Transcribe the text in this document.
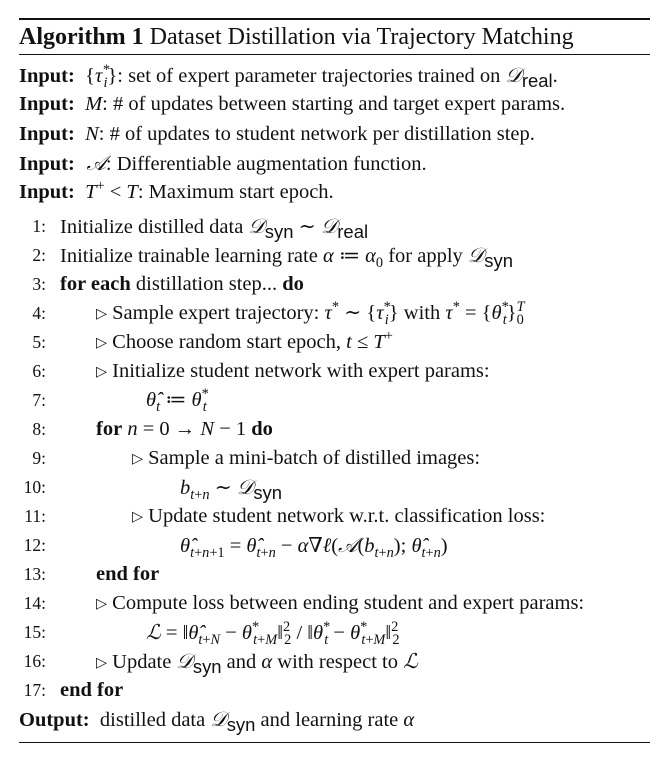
Algorithm 1 Dataset Distillation via Trajectory Matching
Input:  $\{\tau^*_i\}$: set of expert parameter trajectories trained on 𝒟$_{real}$.
Input: M: # of updates between starting and target expert params.
Input: N: # of updates to student network per distillation step.
Input:  𝒜: Differentiable augmentation function.
Input: T+ < T: Maximum start epoch.
1: Initialize distilled data 𝒟$_{syn}$ ∼ 𝒟$_{real}$
2: Initialize trainable learning rate α ≔ $\alpha_0$ for apply 𝒟$_{syn}$
3: for each distillation step... do
4:	▷ Sample expert trajectory: τ* ∼ $\{\tau^*_i\}$ with $\tau^* = \{\theta^*_t\}^T_0$
5:	▷ Choose random start epoch, t ≤ T+
6:	▷ Initialize student network with expert params:
7:	$\thetâ_t$ ≔ $\theta^*_t$
8: for n = 0 → N − 1 do
9:	▷ Sample a mini-batch of distilled images:
10:	$b_{t+n}$ ∼ 𝒟$_{syn}$
11:	▷ Update student network w.r.t. classification loss:
12:	$\thetâ_{t+n+1}$ = $\thetâ_{t+n}$ − $\alpha\nabla\ell(𝒜(b_{t+n})$; $\thetâ_{t+n}$)
13: end for
14:	▷ Compute loss between ending student and expert params:
15:	ℒ = $‖\thetâ_{t+N}$ − $\theta^*_{t+M}‖^2_2$ / $‖\theta^*_t$ − $\theta^*_{t+M}‖^2_2$
16:	▷ Update 𝒟$_{syn}$ and α with respect to ℒ
17: end for
Output:  distilled data 𝒟$_{syn}$ and learning rate α
